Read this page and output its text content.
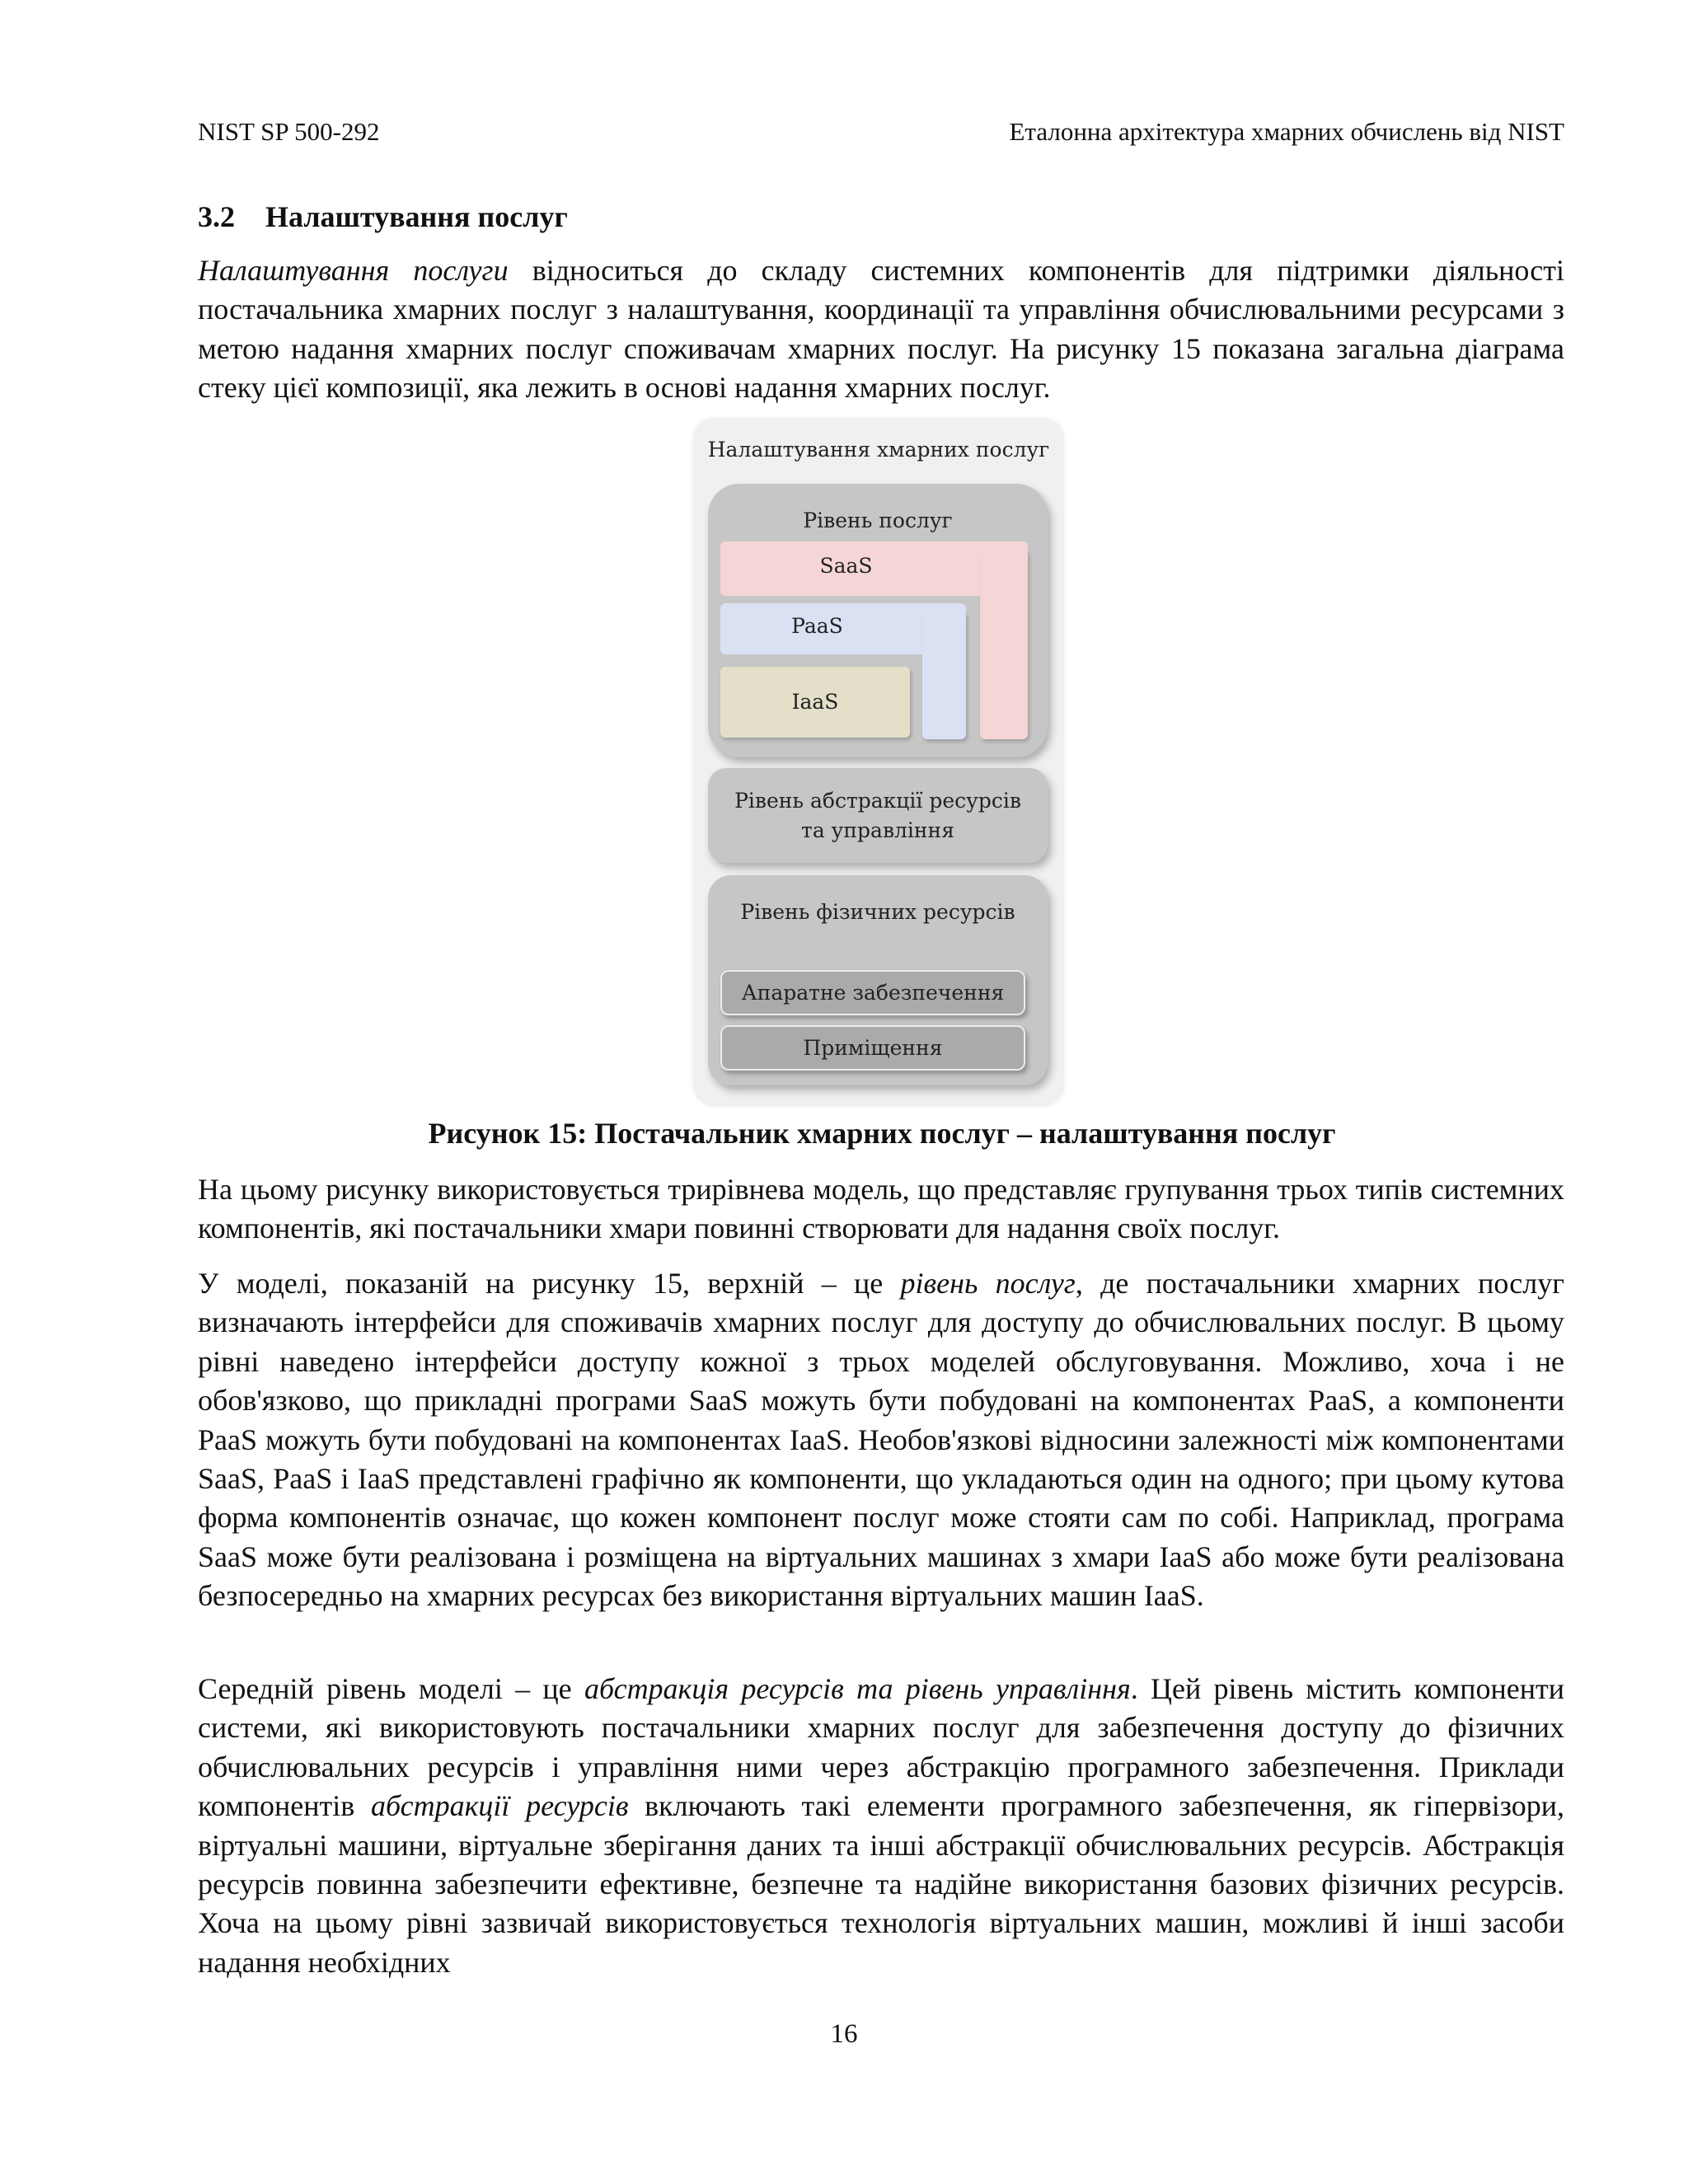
NIST SP 500-292	Еталонна архітектура хмарних обчислень від NIST
3.2 Налаштування послуг

Налаштування послуги відноситься до складу системних компонентів для підтримки діяльності постачальника хмарних послуг з налаштування, координації та управління обчислювальними ресурсами з метою надання хмарних послуг споживачам хмарних послуг. На рисунку 15 показана загальна діаграма стеку цієї композиції, яка лежить в основі надання хмарних послуг.

Налаштування хмарних послуг
Рівень послуг
SaaS
PaaS
IaaS
Рівень абстракції ресурсів та управління
Рівень фізичних ресурсів
Апаратне забезпечення
Приміщення
Рисунок 15: Постачальник хмарних послуг – налаштування послуг

На цьому рисунку використовується трирівнева модель, що представляє групування трьох типів системних компонентів, які постачальники хмари повинні створювати для надання своїх послуг.

У моделі, показаній на рисунку 15, верхній – це рівень послуг, де постачальники хмарних послуг визначають інтерфейси для споживачів хмарних послуг для доступу до обчислювальних послуг. В цьому рівні наведено інтерфейси доступу кожної з трьох моделей обслуговування. Можливо, хоча і не обов'язково, що прикладні програми SaaS можуть бути побудовані на компонентах PaaS, а компоненти PaaS можуть бути побудовані на компонентах IaaS. Необов'язкові відносини залежності між компонентами SaaS, PaaS і IaaS представлені графічно як компоненти, що укладаються один на одного; при цьому кутова форма компонентів означає, що кожен компонент послуг може стояти сам по собі. Наприклад, програма SaaS може бути реалізована і розміщена на віртуальних машинах з хмари IaaS або може бути реалізована безпосередньо на хмарних ресурсах без використання віртуальних машин IaaS.

Середній рівень моделі – це абстракція ресурсів та рівень управління. Цей рівень містить компоненти системи, які використовують постачальники хмарних послуг для забезпечення доступу до фізичних обчислювальних ресурсів і управління ними через абстракцію програмного забезпечення. Приклади компонентів абстракції ресурсів включають такі елементи програмного забезпечення, як гіпервізори, віртуальні машини, віртуальне зберігання даних та інші абстракції обчислювальних ресурсів. Абстракція ресурсів повинна забезпечити ефективне, безпечне та надійне використання базових фізичних ресурсів. Хоча на цьому рівні зазвичай використовується технологія віртуальних машин, можливі й інші засоби надання необхідних

16
